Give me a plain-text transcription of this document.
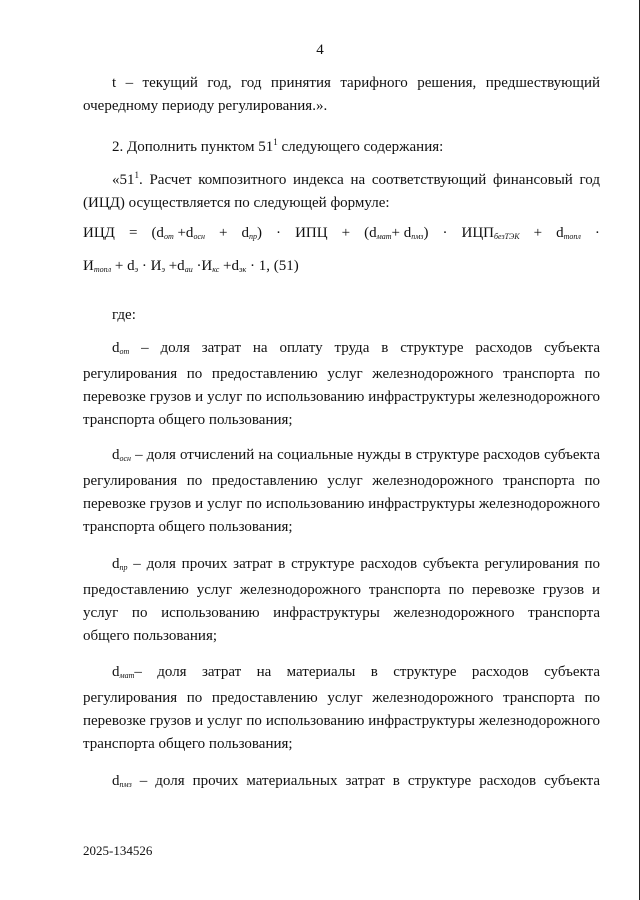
4
t – текущий год, год принятия тарифного решения, предшествующий очередному периоду регулирования.».
2. Дополнить пунктом $51^1$ следующего содержания:
«$51^1$. Расчет композитного индекса на соответствующий финансовый год (ИЦД) осуществляется по следующей формуле:
ИЦД = $(d_{от} +d_{осн} + d_{пр})$ · ИПЦ + $(d_{мат}+ d_{пмз}) \cdot ИЦП_{безТЭК} + d_{топл}$ ·
$И_{топл} + d_э \cdot И_э +d_{аи} \cdot И_{кс} +d_{эк} \cdot 1$, (51)
где:
$d_{от}$ – доля затрат на оплату труда в структуре расходов субъекта регулирования по предоставлению услуг железнодорожного транспорта по перевозке грузов и услуг по использованию инфраструктуры железнодорожного транспорта общего пользования;
$d_{осн}$ – доля отчислений на социальные нужды в структуре расходов субъекта регулирования по предоставлению услуг железнодорожного транспорта по перевозке грузов и услуг по использованию инфраструктуры железнодорожного транспорта общего пользования;
$d_{пр}$ – доля прочих затрат в структуре расходов субъекта регулирования по предоставлению услуг железнодорожного транспорта по перевозке грузов и услуг по использованию инфраструктуры железнодорожного транспорта общего пользования;
$d_{мат}-$ доля затрат на материалы в структуре расходов субъекта регулирования по предоставлению услуг железнодорожного транспорта по перевозке грузов и услуг по использованию инфраструктуры железнодорожного транспорта общего пользования;
$d_{пмз}$ – доля прочих материальных затрат в структуре расходов субъекта
2025-134526
